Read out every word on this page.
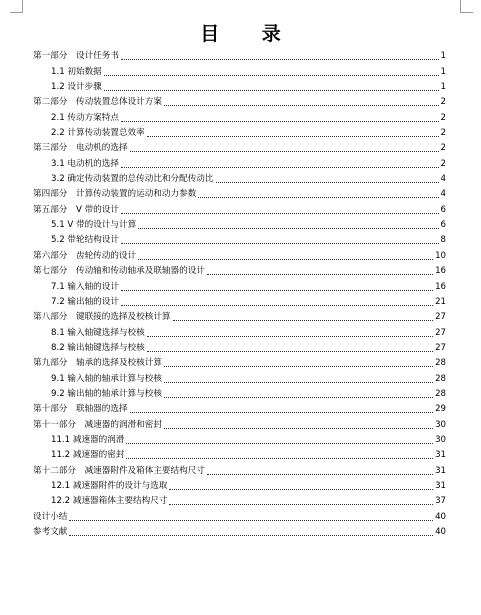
目 录
第一部分　设计任务书	1
1.1 初始数据	1
1.2 设计步骤	1
第二部分　传动装置总体设计方案	2
2.1 传动方案特点	2
2.2 计算传动装置总效率	2
第三部分　电动机的选择	2
3.1 电动机的选择	2
3.2 确定传动装置的总传动比和分配传动比	4
第四部分　计算传动装置的运动和动力参数	4
第五部分　V 带的设计	6
5.1 V 带的设计与计算	6
5.2 带轮结构设计	8
第六部分　齿轮传动的设计	10
第七部分　传动轴和传动轴承及联轴器的设计	16
7.1 输入轴的设计	16
7.2 输出轴的设计	21
第八部分　键联接的选择及校核计算	27
8.1 输入轴键选择与校核	27
8.2 输出轴键选择与校核	27
第九部分　轴承的选择及校核计算	28
9.1 输入轴的轴承计算与校核	28
9.2 输出轴的轴承计算与校核	28
第十部分　联轴器的选择	29
第十一部分　减速器的润滑和密封	30
11.1 减速器的润滑	30
11.2 减速器的密封	31
第十二部分　减速器附件及箱体主要结构尺寸	31
12.1 减速器附件的设计与选取	31
12.2 减速器箱体主要结构尺寸	37
设计小结	40
参考文献	40
